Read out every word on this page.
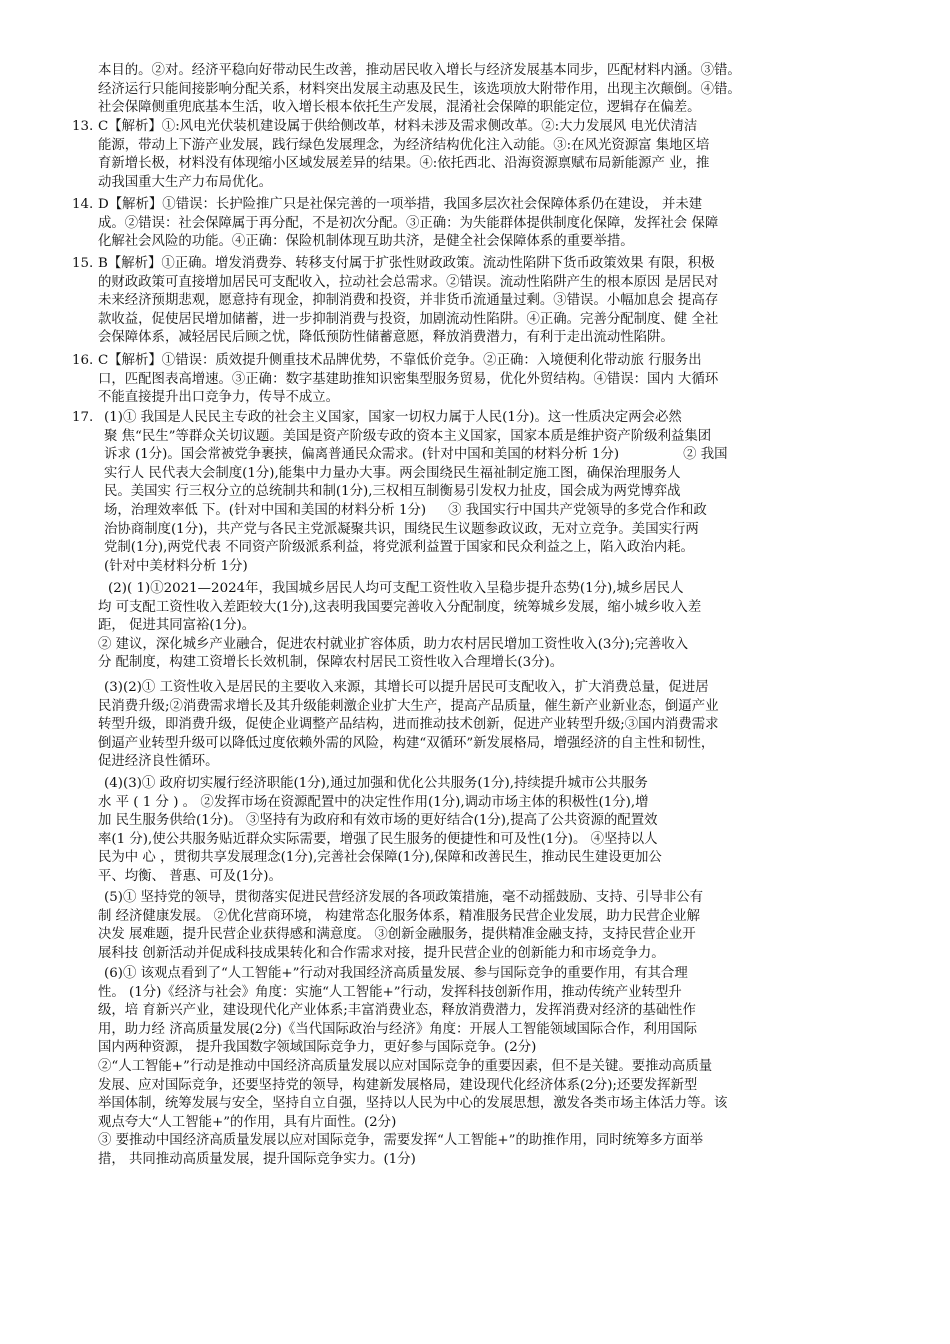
本目的。②对。经济平稳向好带动民生改善，推动居民收入增长与经济发展基本同步，匹配材料内涵。③错。
经济运行只能间接影响分配关系，材料突出发展主动惠及民生，该选项放大附带作用，出现主次颠倒。④错。
社会保障侧重兜底基本生活，收入增长根本依托生产发展，混淆社会保障的职能定位，逻辑存在偏差。
13. C【解析】①:风电光伏装机建设属于供给侧改革，材料未涉及需求侧改革。②:大力发展风 电光伏清洁
能源，带动上下游产业发展，践行绿色发展理念，为经济结构优化注入动能。③:在风光资源富 集地区培
育新增长极，材料没有体现缩小区域发展差异的结果。④:依托西北、沿海资源禀赋布局新能源产 业，推
动我国重大生产力布局优化。
14. D【解析】①错误：长护险推广只是社保完善的一项举措，我国多层次社会保障体系仍在建设， 并未建
成。②错误：社会保障属于再分配，不是初次分配。③正确：为失能群体提供制度化保障，发挥社会 保障
化解社会风险的功能。④正确：保险机制体现互助共济，是健全社会保障体系的重要举措。
15. B【解析】①正确。增发消费券、转移支付属于扩张性财政政策。流动性陷阱下货币政策效果 有限，积极
的财政政策可直接增加居民可支配收入，拉动社会总需求。②错误。流动性陷阱产生的根本原因 是居民对
未来经济预期悲观，愿意持有现金，抑制消费和投资，并非货币流通量过剩。③错误。小幅加息会 提高存
款收益，促使居民增加储蓄，进一步抑制消费与投资，加剧流动性陷阱。④正确。完善分配制度、健 全社
会保障体系，减轻居民后顾之忧，降低预防性储蓄意愿，释放消费潜力，有利于走出流动性陷阱。
16. C【解析】①错误：质效提升侧重技术品牌优势，不靠低价竞争。②正确：入境便利化带动旅 行服务出
口，匹配图表高增速。③正确：数字基建助推知识密集型服务贸易，优化外贸结构。④错误：国内 大循环
不能直接提升出口竞争力，传导不成立。
17. (1)① 我国是人民民主专政的社会主义国家，国家一切权力属于人民(1分)。这一性质决定两会必然
聚 焦“民生”等群众关切议题。美国是资产阶级专政的资本主义国家，国家本质是维护资产阶级利益集团
诉求 (1分)。国会常被党争裹挟，偏离普通民众需求。(针对中国和美国的材料分析 1分)	② 我国
实行人 民代表大会制度(1分),能集中力量办大事。两会围绕民生福祉制定施工图，确保治理服务人
民。美国实 行三权分立的总统制共和制(1分),三权相互制衡易引发权力扯皮，国会成为两党博弈战
场，治理效率低 下。(针对中国和美国的材料分析 1分) ③ 我国实行中国共产党领导的多党合作和政
治协商制度(1分)，共产党与各民主党派凝聚共识，围绕民生议题参政议政，无对立竞争。美国实行两
党制(1分),两党代表 不同资产阶级派系利益，将党派利益置于国家和民众利益之上，陷入政治内耗。
(针对中美材料分析 1分)
(2)( 1)①2021—2024年，我国城乡居民人均可支配工资性收入呈稳步提升态势(1分),城乡居民人
均 可支配工资性收入差距较大(1分),这表明我国要完善收入分配制度，统筹城乡发展，缩小城乡收入差
距， 促进其同富裕(1分)。
② 建议，深化城乡产业融合，促进农村就业扩容体质，助力农村居民增加工资性收入(3分);完善收入
分 配制度，构建工资增长长效机制，保障农村居民工资性收入合理增长(3分)。
(3)(2)① 工资性收入是居民的主要收入来源，其增长可以提升居民可支配收入，扩大消费总量，促进居
民消费升级;②消费需求增长及其升级能刺激企业扩大生产，提高产品质量，催生新产业新业态，倒逼产业
转型升级，即消费升级，促使企业调整产品结构，进而推动技术创新，促进产业转型升级;③国内消费需求
倒逼产业转型升级可以降低过度依赖外需的风险，构建“双循环”新发展格局，增强经济的自主性和韧性，
促进经济良性循环。
(4)(3)① 政府切实履行经济职能(1分),通过加强和优化公共服务(1分),持续提升城市公共服务
水 平 ( 1 分 ) 。 ②发挥市场在资源配置中的决定性作用(1分),调动市场主体的积极性(1分),增
加 民生服务供给(1分)。 ③坚持有为政府和有效市场的更好结合(1分),提高了公共资源的配置效
率(1 分),使公共服务贴近群众实际需要，增强了民生服务的便捷性和可及性(1分)。 ④坚持以人
民为中 心 ，贯彻共享发展理念(1分),完善社会保障(1分),保障和改善民生，推动民生建设更加公
平、均衡、 普惠、可及(1分)。
(5)① 坚持党的领导，贯彻落实促进民营经济发展的各项政策措施，毫不动摇鼓励、支持、引导非公有
制 经济健康发展。 ②优化营商环境， 构建常态化服务体系，精准服务民营企业发展，助力民营企业解
决发 展难题，提升民营企业获得感和满意度。 ③创新金融服务，提供精准金融支持，支持民营企业开
展科技 创新活动并促成科技成果转化和合作需求对接，提升民营企业的创新能力和市场竞争力。
(6)① 该观点看到了“人工智能+”行动对我国经济高质量发展、参与国际竞争的重要作用，有其合理
性。 (1分)《经济与社会》角度：实施“人工智能+”行动，发挥科技创新作用，推动传统产业转型升
级，培 育新兴产业，建设现代化产业体系;丰富消费业态，释放消费潜力，发挥消费对经济的基础性作
用，助力经 济高质量发展(2分)《当代国际政治与经济》角度：开展人工智能领域国际合作，利用国际
国内两种资源， 提升我国数字领域国际竞争力，更好参与国际竞争。(2分)
②“人工智能+”行动是推动中国经济高质量发展以应对国际竞争的重要因素，但不是关键。要推动高质量
发展、应对国际竞争，还要坚持党的领导，构建新发展格局，建设现代化经济体系(2分);还要发挥新型
举国体制，统筹发展与安全，坚持自立自强，坚持以人民为中心的发展思想，激发各类市场主体活力等。该
观点夸大“人工智能+”的作用，具有片面性。(2分)
③ 要推动中国经济高质量发展以应对国际竞争，需要发挥“人工智能+”的助推作用，同时统筹多方面举
措， 共同推动高质量发展，提升国际竞争实力。(1分)
